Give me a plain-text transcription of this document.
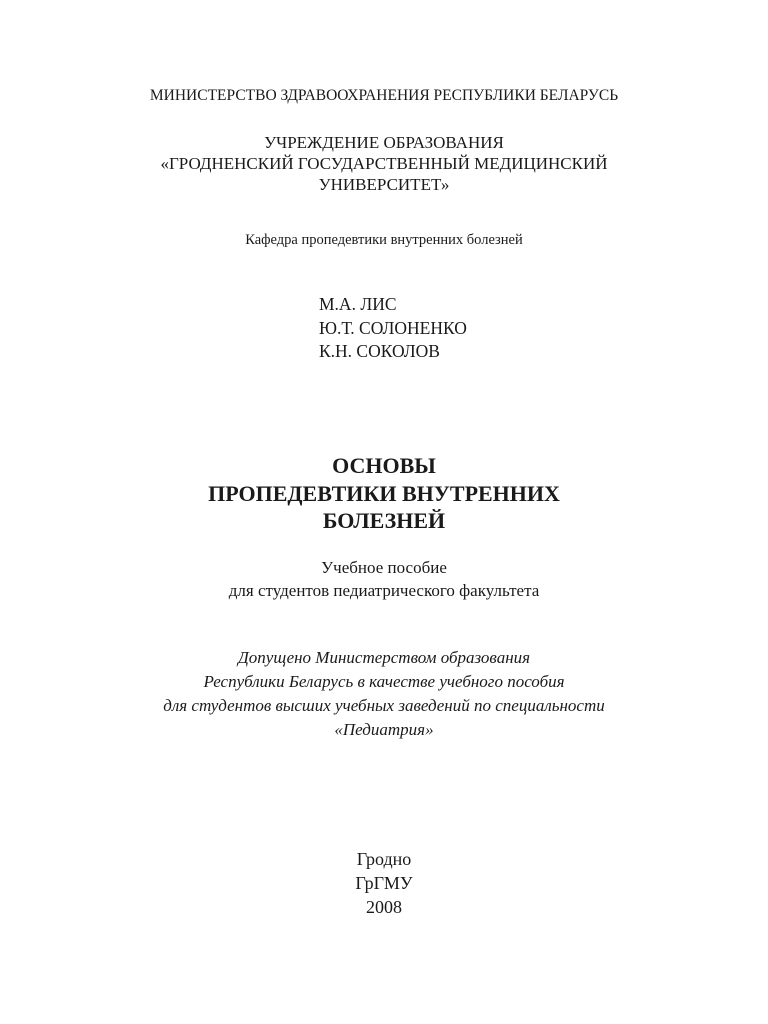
МИНИСТЕРСТВО ЗДРАВООХРАНЕНИЯ РЕСПУБЛИКИ БЕЛАРУСЬ
УЧРЕЖДЕНИЕ ОБРАЗОВАНИЯ
«ГРОДНЕНСКИЙ ГОСУДАРСТВЕННЫЙ МЕДИЦИНСКИЙ
УНИВЕРСИТЕТ»
Кафедра пропедевтики внутренних болезней
М.А. ЛИС
Ю.Т. СОЛОНЕНКО
К.Н. СОКОЛОВ
ОСНОВЫ
ПРОПЕДЕВТИКИ ВНУТРЕННИХ
БОЛЕЗНЕЙ
Учебное пособие
для студентов педиатрического факультета
Допущено Министерством образования
Республики Беларусь в качестве учебного пособия
для студентов высших учебных заведений по специальности
«Педиатрия»
Гродно
ГрГМУ
2008
